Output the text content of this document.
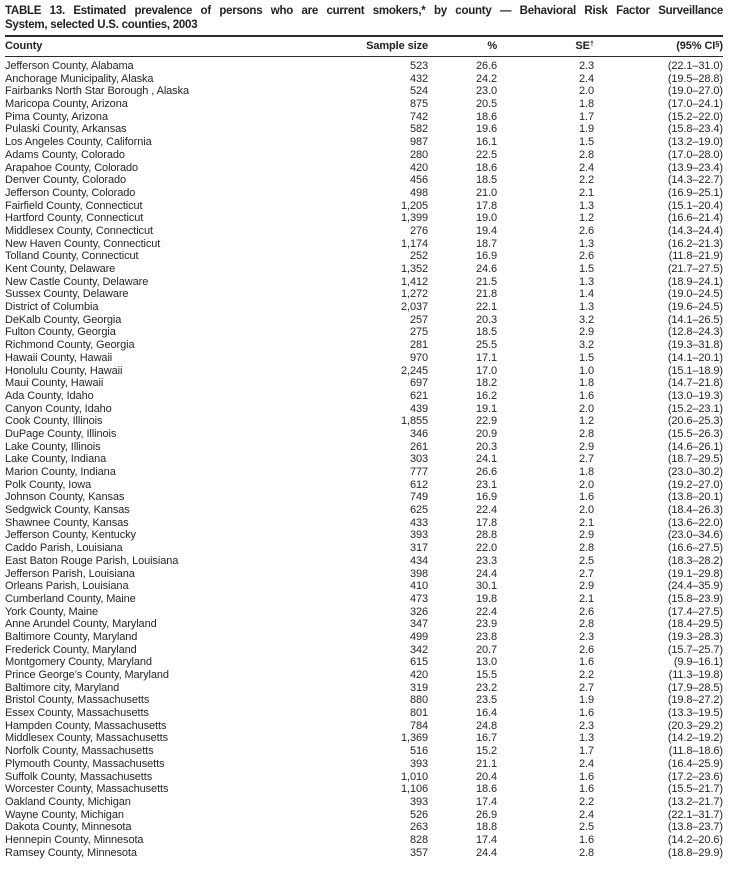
TABLE 13. Estimated prevalence of persons who are current smokers,* by county — Behavioral Risk Factor Surveillance
System, selected U.S. counties, 2003
County	Sample size	%	SE†	(95% CI§)
Jefferson County, Alabama	523	26.6	2.3	(22.1–31.0)
Anchorage Municipality, Alaska	432	24.2	2.4	(19.5–28.8)
Fairbanks North Star Borough , Alaska	524	23.0	2.0	(19.0–27.0)
Maricopa County, Arizona	875	20.5	1.8	(17.0–24.1)
Pima County, Arizona	742	18.6	1.7	(15.2–22.0)
Pulaski County, Arkansas	582	19.6	1.9	(15.8–23.4)
Los Angeles County, California	987	16.1	1.5	(13.2–19.0)
Adams County, Colorado	280	22.5	2.8	(17.0–28.0)
Arapahoe County, Colorado	420	18.6	2.4	(13.9–23.4)
Denver County, Colorado	456	18.5	2.2	(14.3–22.7)
Jefferson County, Colorado	498	21.0	2.1	(16.9–25.1)
Fairfield County, Connecticut	1,205	17.8	1.3	(15.1–20.4)
Hartford County, Connecticut	1,399	19.0	1.2	(16.6–21.4)
Middlesex County, Connecticut	276	19.4	2.6	(14.3–24.4)
New Haven County, Connecticut	1,174	18.7	1.3	(16.2–21.3)
Tolland County, Connecticut	252	16.9	2.6	(11.8–21.9)
Kent County, Delaware	1,352	24.6	1.5	(21.7–27.5)
New Castle County, Delaware	1,412	21.5	1.3	(18.9–24.1)
Sussex County, Delaware	1,272	21.8	1.4	(19.0–24.5)
District of Columbia	2,037	22.1	1.3	(19.6–24.5)
DeKalb County, Georgia	257	20.3	3.2	(14.1–26.5)
Fulton County, Georgia	275	18.5	2.9	(12.8–24.3)
Richmond County, Georgia	281	25.5	3.2	(19.3–31.8)
Hawaii County, Hawaii	970	17.1	1.5	(14.1–20.1)
Honolulu County, Hawaii	2,245	17.0	1.0	(15.1–18.9)
Maui County, Hawaii	697	18.2	1.8	(14.7–21.8)
Ada County, Idaho	621	16.2	1.6	(13.0–19.3)
Canyon County, Idaho	439	19.1	2.0	(15.2–23.1)
Cook County, Illinois	1,855	22.9	1.2	(20.6–25.3)
DuPage County, Illinois	346	20.9	2.8	(15.5–26.3)
Lake County, Illinois	261	20.3	2.9	(14.6–26.1)
Lake County, Indiana	303	24.1	2.7	(18.7–29.5)
Marion County, Indiana	777	26.6	1.8	(23.0–30.2)
Polk County, Iowa	612	23.1	2.0	(19.2–27.0)
Johnson County, Kansas	749	16.9	1.6	(13.8–20.1)
Sedgwick County, Kansas	625	22.4	2.0	(18.4–26.3)
Shawnee County, Kansas	433	17.8	2.1	(13.6–22.0)
Jefferson County, Kentucky	393	28.8	2.9	(23.0–34.6)
Caddo Parish, Louisiana	317	22.0	2.8	(16.6–27.5)
East Baton Rouge Parish, Louisiana	434	23.3	2.5	(18.3–28.2)
Jefferson Parish, Louisiana	398	24.4	2.7	(19.1–29.8)
Orleans Parish, Louisiana	410	30.1	2.9	(24.4–35.9)
Cumberland County, Maine	473	19.8	2.1	(15.8–23.9)
York County, Maine	326	22.4	2.6	(17.4–27.5)
Anne Arundel County, Maryland	347	23.9	2.8	(18.4–29.5)
Baltimore County, Maryland	499	23.8	2.3	(19.3–28.3)
Frederick County, Maryland	342	20.7	2.6	(15.7–25.7)
Montgomery County, Maryland	615	13.0	1.6	(9.9–16.1)
Prince George’s County, Maryland	420	15.5	2.2	(11.3–19.8)
Baltimore city, Maryland	319	23.2	2.7	(17.9–28.5)
Bristol County, Massachusetts	880	23.5	1.9	(19.8–27.2)
Essex County, Massachusetts	801	16.4	1.6	(13.3–19.5)
Hampden County, Massachusetts	784	24.8	2.3	(20.3–29.2)
Middlesex County, Massachusetts	1,369	16.7	1.3	(14.2–19.2)
Norfolk County, Massachusetts	516	15.2	1.7	(11.8–18.6)
Plymouth County, Massachusetts	393	21.1	2.4	(16.4–25.9)
Suffolk County, Massachusetts	1,010	20.4	1.6	(17.2–23.6)
Worcester County, Massachusetts	1,106	18.6	1.6	(15.5–21.7)
Oakland County, Michigan	393	17.4	2.2	(13.2–21.7)
Wayne County, Michigan	526	26.9	2.4	(22.1–31.7)
Dakota County, Minnesota	263	18.8	2.5	(13.8–23.7)
Hennepin County, Minnesota	828	17.4	1.6	(14.2–20.6)
Ramsey County, Minnesota	357	24.4	2.8	(18.8–29.9)
